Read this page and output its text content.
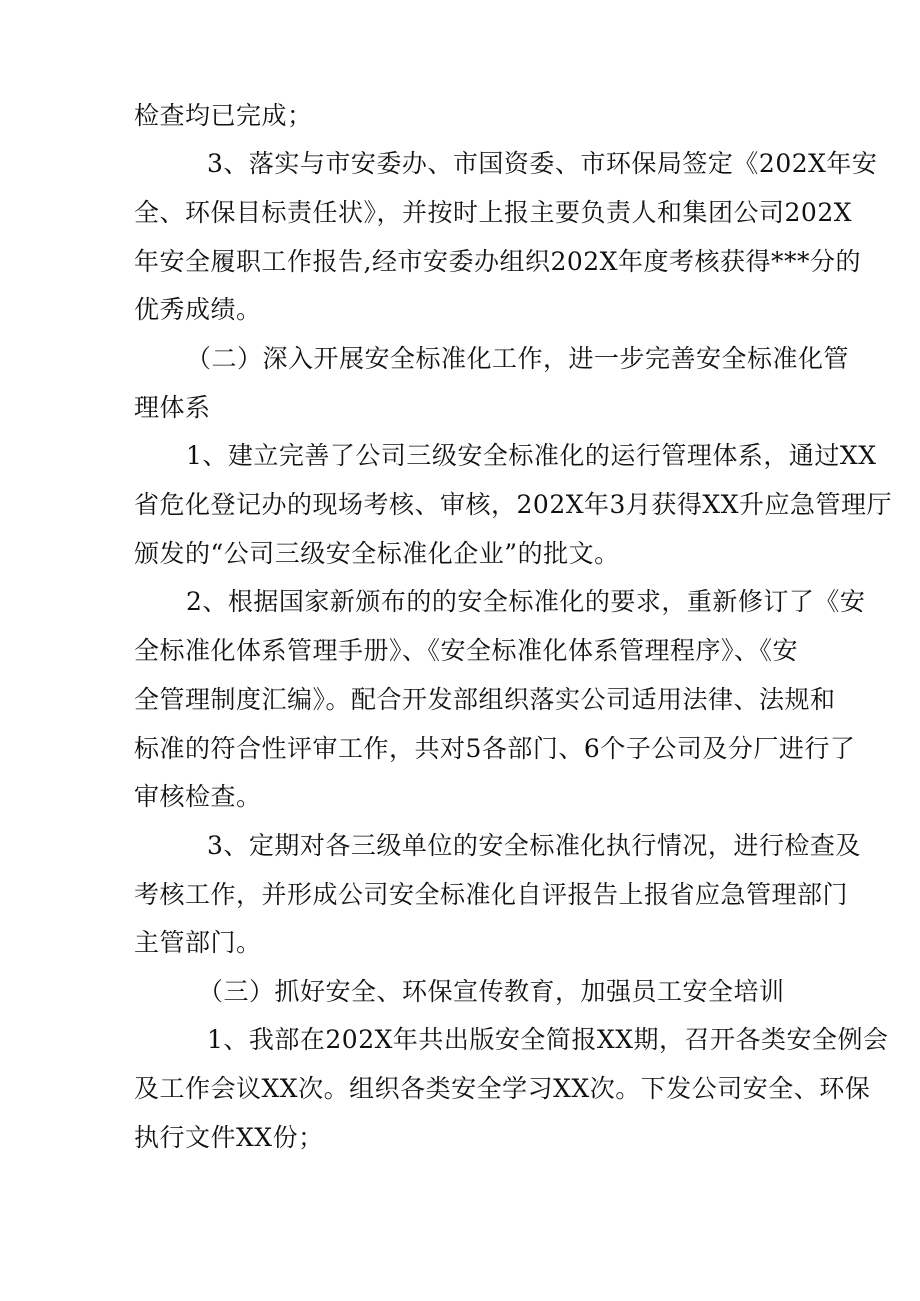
检查均已完成；
3、落实与市安委办、市国资委、市环保局签定《202X年安
全、环保目标责任状》，并按时上报主要负责人和集团公司202X
年安全履职工作报告,经市安委办组织202X年度考核获得***分的
优秀成绩。
（二）深入开展安全标准化工作，进一步完善安全标准化管
理体系
1、建立完善了公司三级安全标准化的运行管理体系，通过XX
省危化登记办的现场考核、审核，202X年3月获得XX升应急管理厅
颁发的“公司三级安全标准化企业”的批文。
2、根据国家新颁布的的安全标准化的要求，重新修订了《安
全标准化体系管理手册》、《安全标准化体系管理程序》、《安
全管理制度汇编》。配合开发部组织落实公司适用法律、法规和
标准的符合性评审工作，共对5各部门、6个子公司及分厂进行了
审核检查。
3、定期对各三级单位的安全标准化执行情况，进行检查及
考核工作，并形成公司安全标准化自评报告上报省应急管理部门
主管部门。
（三）抓好安全、环保宣传教育，加强员工安全培训
1、我部在202X年共出版安全简报XX期，召开各类安全例会
及工作会议XX次。组织各类安全学习XX次。下发公司安全、环保
执行文件XX份；
